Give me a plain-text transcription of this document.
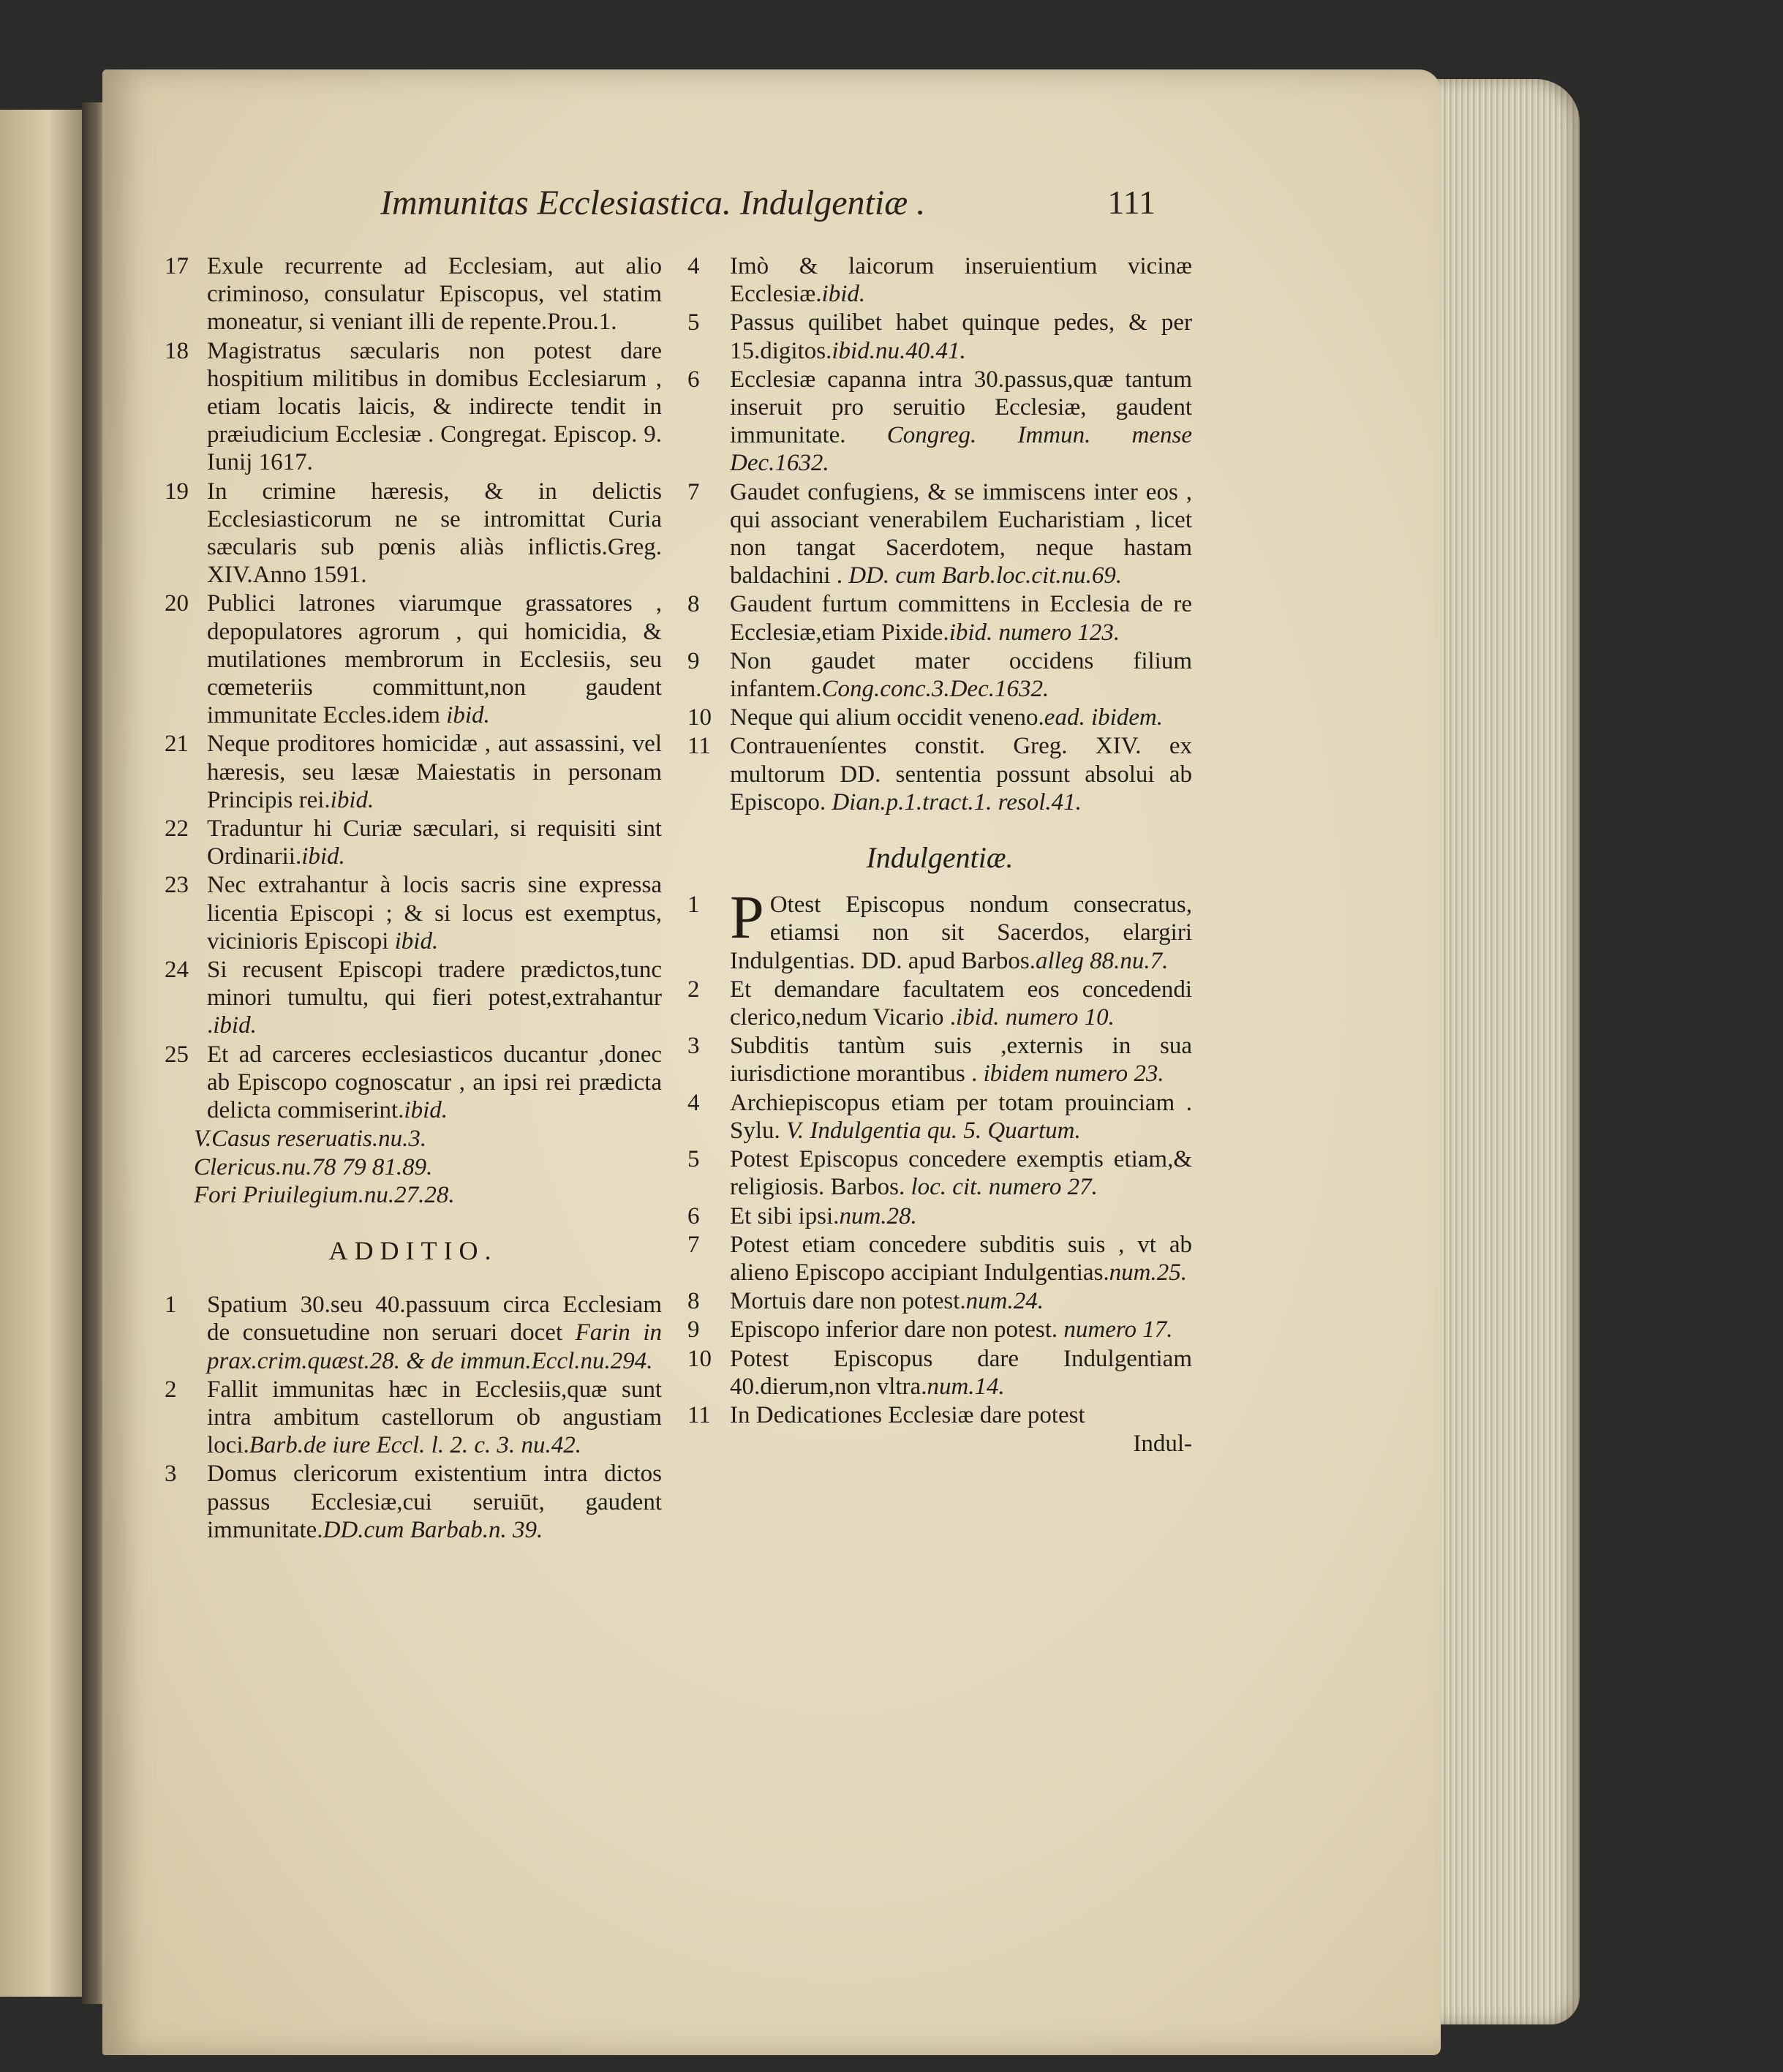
Immunitas Ecclesiastica. Indulgentiæ .	111
17 Exule recurrente ad Ecclesiam, aut alio criminoso, consulatur Episcopus, vel statim moneatur, si veniant illi de repente.Prou.1.
18 Magistratus sæcularis non potest dare hospitium militibus in domibus Ecclesiarum , etiam locatis laicis, & indirecte tendit in præiudicium Ecclesiæ . Congregat. Episcop. 9. Iunij 1617.
19 In crimine hæresis, & in delictis Ecclesiasticorum ne se intromittat Curia sæcularis sub pœnis aliàs inflictis.Greg. XIV.Anno 1591.
20 Publici latrones viarumque grassatores , depopulatores agrorum , qui homicidia, & mutilationes membrorum in Ecclesiis, seu cœmeteriis committunt,non gaudent immunitate Eccles.idem ibid.
21 Neque proditores homicidæ , aut assassini, vel hæresis, seu læsæ Maiestatis in personam Principis rei.ibid.
22 Traduntur hi Curiæ sæculari, si requisiti sint Ordinarii.ibid.
23 Nec extrahantur à locis sacris sine expressa licentia Episcopi ; & si locus est exemptus, vicinioris Episcopi ibid.
24 Si recusent Episcopi tradere prædictos,tunc minori tumultu, qui fieri potest,extrahantur .ibid.
25 Et ad carceres ecclesiasticos ducantur ,donec ab Episcopo cognoscatur , an ipsi rei prædicta delicta commiserint.ibid.
V.Casus reseruatis.nu.3.
Clericus.nu.78 79 81.89.
Fori Priuilegium.nu.27.28.
ADDITIO.
1	Spatium 30.seu 40.passuum circa Ecclesiam de consuetudine non seruari docet Farin in prax.crim.quæst.28. & de immun.Eccl.nu.294.
2	Fallit immunitas hæc in Ecclesiis,quæ sunt intra ambitum castellorum ob angustiam loci.Barb.de iure Eccl. l. 2. c. 3. nu.42.
3	Domus clericorum existentium intra dictos passus Ecclesiæ,cui seruiūt, gaudent immunitate.DD.cum Barbab.n. 39.
4	Imò & laicorum inseruientium vicinæ Ecclesiæ.ibid.
5	Passus quilibet habet quinque pedes, & per 15.digitos.ibid.nu.40.41.
6	Ecclesiæ capanna intra 30.passus,quæ tantum inseruit pro seruitio Ecclesiæ, gaudent immunitate. Congreg. Immun. mense Dec.1632.
7	Gaudet confugiens, & se immiscens inter eos , qui associant venerabilem Eucharistiam , licet non tangat Sacerdotem, neque hastam baldachini . DD. cum Barb.loc.cit.nu.69.
8	Gaudent furtum committens in Ecclesia de re Ecclesiæ,etiam Pixide.ibid. numero 123.
9	Non gaudet mater occidens filium infantem.Cong.conc.3.Dec.1632.
10 Neque qui alium occidit veneno.ead. ibidem.
11 Contraueníentes constit. Greg. XIV. ex multorum DD. sententia possunt absolui ab Episcopo. Dian.p.1.tract.1. resol.41.
Indulgentiæ.
1 P Otest Episcopus nondum consecratus, etiamsi non sit Sacerdos, elargiri Indulgentias. DD. apud Barbos.alleg 88.nu.7.
2	Et demandare facultatem eos concedendi clerico,nedum Vicario .ibid. numero 10.
3	Subditis tantùm suis ,externis in sua iurisdictione morantibus . ibidem numero 23.
4	Archiepiscopus etiam per totam prouinciam . Sylu. V. Indulgentia qu. 5. Quartum.
5	Potest Episcopus concedere exemptis etiam,& religiosis. Barbos. loc. cit. numero 27.
6	Et sibi ipsi.num.28.
7	Potest etiam concedere subditis suis , vt ab alieno Episcopo accipiant Indulgentias.num.25.
8	Mortuis dare non potest.num.24.
9	Episcopo inferior dare non potest. numero 17.
10 Potest Episcopus dare Indulgentiam 40.dierum,non vltra.num.14.
11 In Dedicationes Ecclesiæ dare potest
Indul-
